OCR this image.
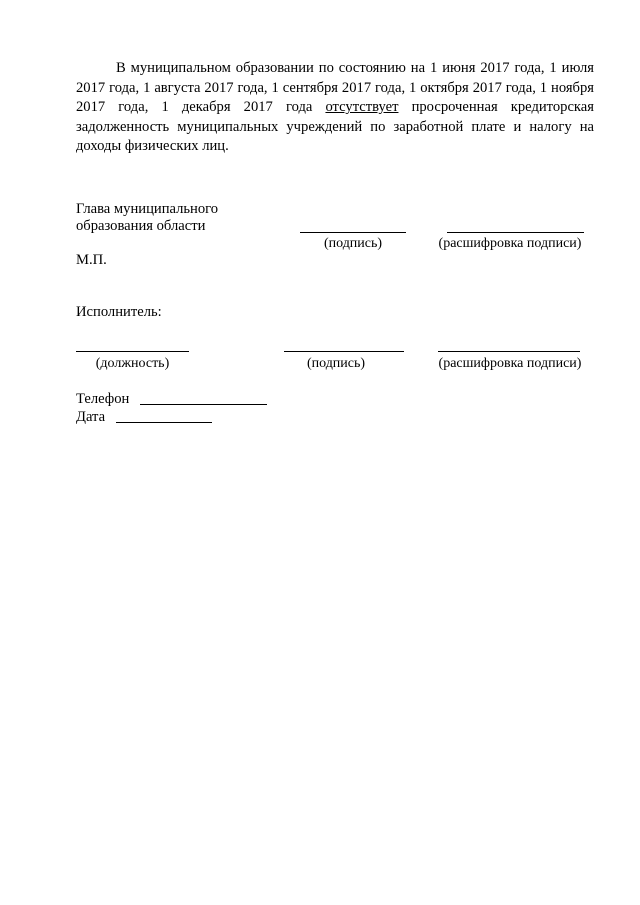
В муниципальном образовании по состоянию на 1 июня 2017 года, 1 июля 2017 года, 1 августа 2017 года, 1 сентября 2017 года, 1 октября 2017 года, 1 ноября 2017 года, 1 декабря 2017 года отсутствует просроченная кредиторская задолженность муниципальных учреждений по заработной плате и налогу на доходы физических лиц.

Глава муниципального
образования области
(подпись)	(расшифровка подписи)
М.П.
Исполнитель:
(должность)	(подпись)	(расшифровка подписи)
Телефон
Дата
